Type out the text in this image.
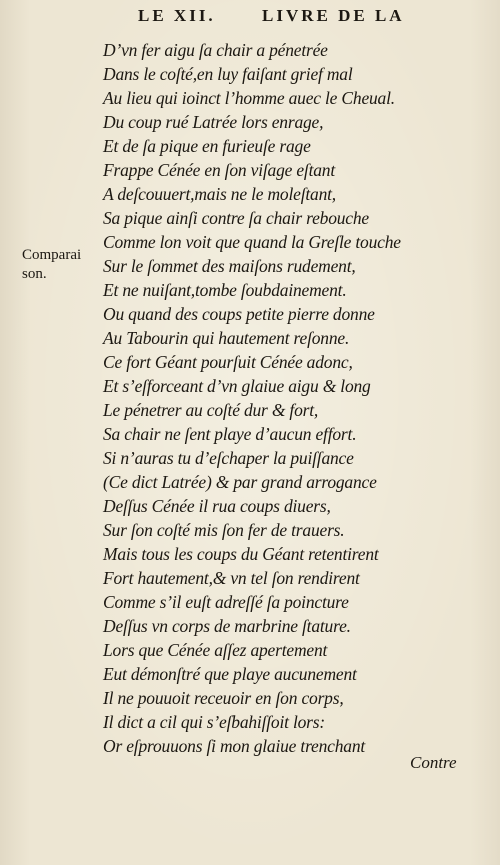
LE XII.	LIVRE DE LA
Comparai
son.
D’vn fer aigu ſa chair a pénetrée
Dans le coſté,en luy faiſant grief mal
Au lieu qui ioinct l’homme auec le Cheual.
Du coup rué Latrée lors enrage,
Et de ſa pique en furieuſe rage
Frappe Cénée en ſon viſage eſtant
A deſcouuert,mais ne le moleſtant,
Sa pique ainſi contre ſa chair rebouche
Comme lon voit que quand la Greſle touche
Sur le ſommet des maiſons rudement,
Et ne nuiſant,tombe ſoubdainement.
Ou quand des coups petite pierre donne
Au Tabourin qui hautement reſonne.
Ce fort Géant pourſuit Cénée adonc,
Et s’eſforceant d’vn glaiue aigu & long
Le pénetrer au coſté dur & fort,
Sa chair ne ſent playe d’aucun effort.
Si n’auras tu d’eſchaper la puiſſance
(Ce dict Latrée) & par grand arrogance
Deſſus Cénée il rua coups diuers,
Sur ſon coſté mis ſon fer de trauers.
Mais tous les coups du Géant retentirent
Fort hautement,& vn tel ſon rendirent
Comme s’il euſt adreſſé ſa poincture
Deſſus vn corps de marbrine ſtature.
Lors que Cénée aſſez apertement
Eut démonſtré que playe aucunement
Il ne pouuoit receuoir en ſon corps,
Il dict a cil qui s’eſbahiſſoit lors:
Or eſprouuons ſi mon glaiue trenchant
Contre
